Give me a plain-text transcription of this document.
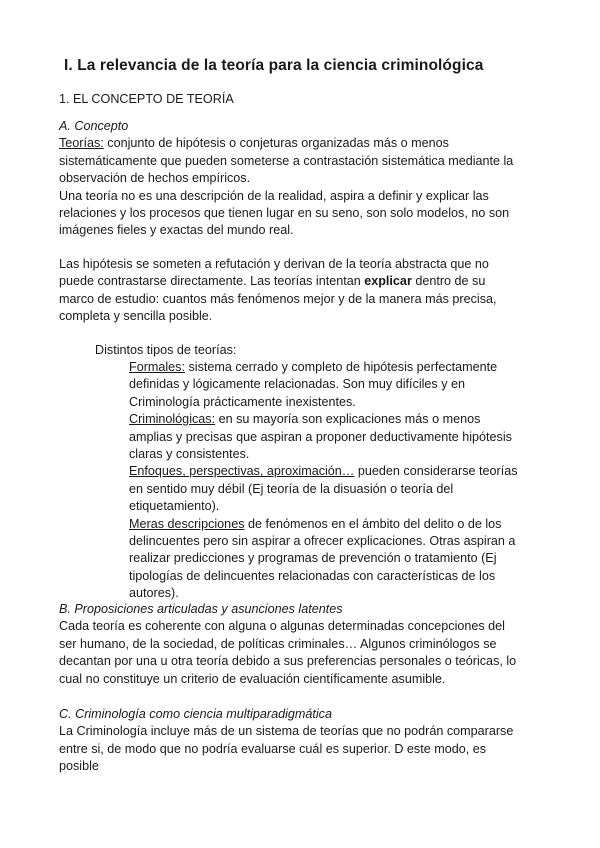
I. La relevancia de la teoría para la ciencia criminológica
1. EL CONCEPTO DE TEORÍA

A. Concepto

Teorías: conjunto de hipótesis o conjeturas organizadas más o menos sistemáticamente que pueden someterse a contrastación sistemática mediante la observación de hechos empíricos.

Una teoría no es una descripción de la realidad, aspira a definir y explicar las relaciones y los procesos que tienen lugar en su seno, son solo modelos, no son imágenes fieles y exactas del mundo real.

Las hipótesis se someten a refutación y derivan de la teoría abstracta que no puede contrastarse directamente. Las teorías intentan explicar dentro de su marco de estudio: cuantos más fenómenos mejor y de la manera más precisa, completa y sencilla posible.

Distintos tipos de teorías:

Formales: sistema cerrado y completo de hipótesis perfectamente definidas y lógicamente relacionadas. Son muy difíciles y en Criminología prácticamente inexistentes.

Criminológicas: en su mayoría son explicaciones más o menos amplias y precisas que aspiran a proponer deductivamente hipótesis claras y consistentes.

Enfoques, perspectivas, aproximación… pueden considerarse teorías en sentido muy débil (Ej teoría de la disuasión o teoría del etiquetamiento).

Meras descripciones de fenómenos en el ámbito del delito o de los delincuentes pero sin aspirar a ofrecer explicaciones. Otras aspiran a realizar predicciones y programas de prevención o tratamiento (Ej tipologías de delincuentes relacionadas con características de los autores).

B. Proposiciones articuladas y asunciones latentes

Cada teoría es coherente con alguna o algunas determinadas concepciones del ser humano, de la sociedad, de políticas criminales… Algunos criminólogos se decantan por una u otra teoría debido a sus preferencias personales o teóricas, lo cual no constituye un criterio de evaluación científicamente asumible.

C. Criminología como ciencia multiparadigmática

La Criminología incluye más de un sistema de teorías que no podrán compararse entre si, de modo que no podría evaluarse cuál es superior. D este modo, es posible
